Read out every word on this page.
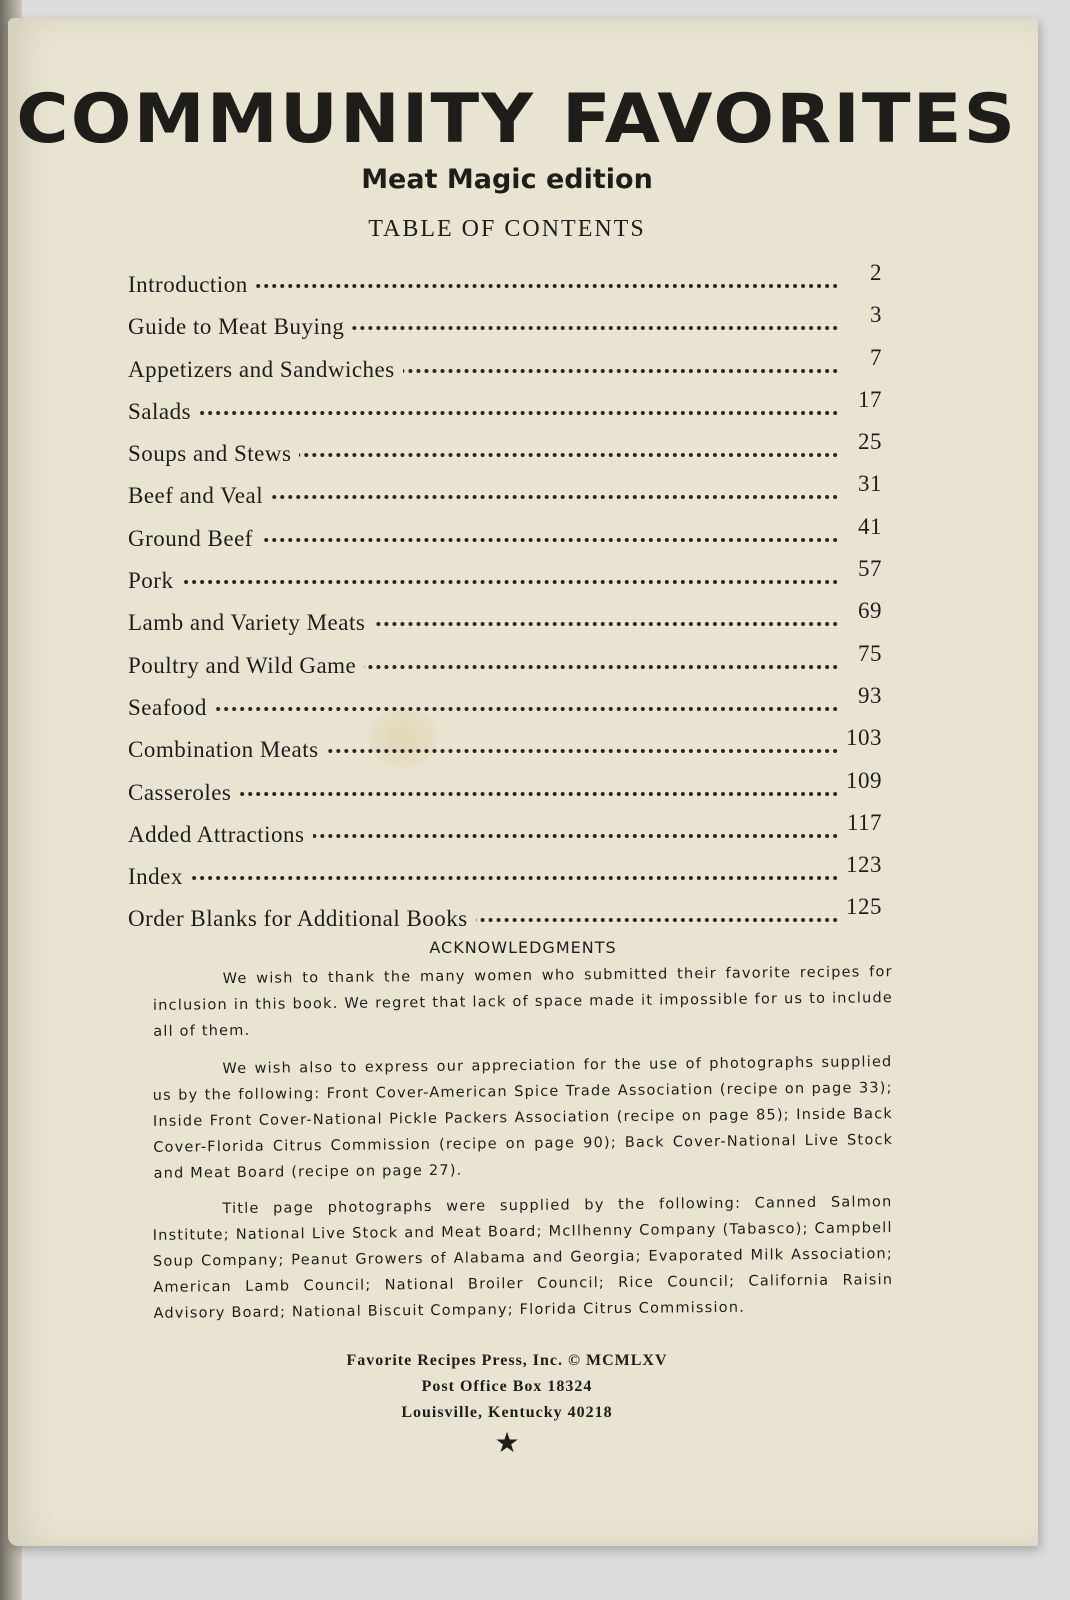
COMMUNITY FAVORITES
Meat Magic edition
TABLE OF CONTENTS
Introduction	2
Guide to Meat Buying	3
Appetizers and Sandwiches	7
Salads	17
Soups and Stews	25
Beef and Veal	31
Ground Beef	41
Pork	57
Lamb and Variety Meats	69
Poultry and Wild Game	75
Seafood	93
Combination Meats	103
Casseroles	109
Added Attractions	117
Index	123
Order Blanks for Additional Books	125
ACKNOWLEDGMENTS

We wish to thank the many women who submitted their favorite recipes for inclusion in this book. We regret that lack of space made it impossible for us to include all of them.

We wish also to express our appreciation for the use of photographs supplied us by the following: Front Cover-American Spice Trade Association (recipe on page 33); Inside Front Cover-National Pickle Packers Association (recipe on page 85); Inside Back Cover-Florida Citrus Commission (recipe on page 90); Back Cover-National Live Stock and Meat Board (recipe on page 27).

Title page photographs were supplied by the following: Canned Salmon Institute; National Live Stock and Meat Board; McIlhenny Company (Tabasco); Campbell Soup Company; Peanut Growers of Alabama and Georgia; Evaporated Milk Association; American Lamb Council; National Broiler Council; Rice Council; California Raisin Advisory Board; National Biscuit Company; Florida Citrus Commission.

Favorite Recipes Press, Inc. © MCMLXV
Post Office Box 18324
Louisville, Kentucky 40218
★
